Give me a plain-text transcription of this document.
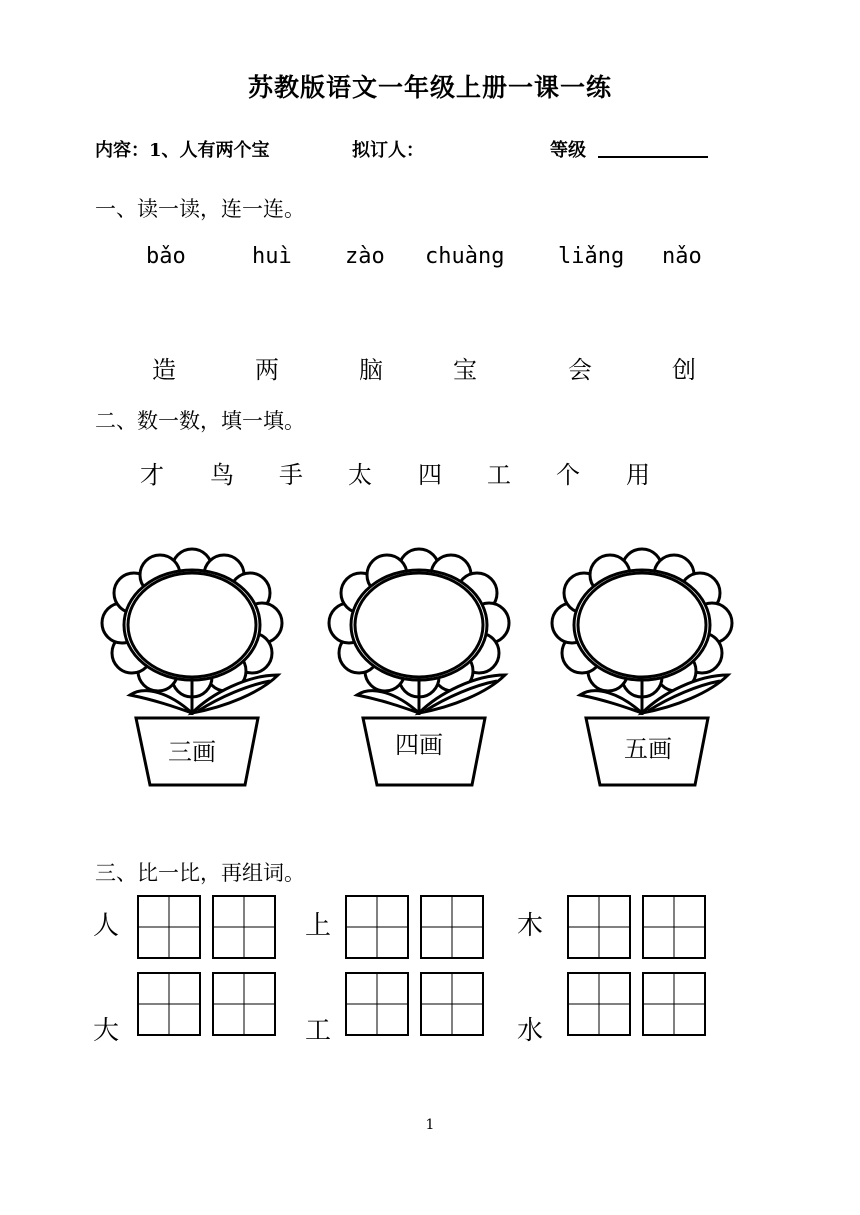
苏教版语文一年级上册一课一练
内容：1、人有两个宝	拟订人：	等级
一、读一读，连一连。
bǎo	huì zào chuàng liǎng nǎo
造	两	脑	宝	会	创
二、数一数，填一填。
才 鸟 手 太 四 工 个 用
三画	四画	五画
三、比一比，再组词。
人	上	木
大	工	水
1
